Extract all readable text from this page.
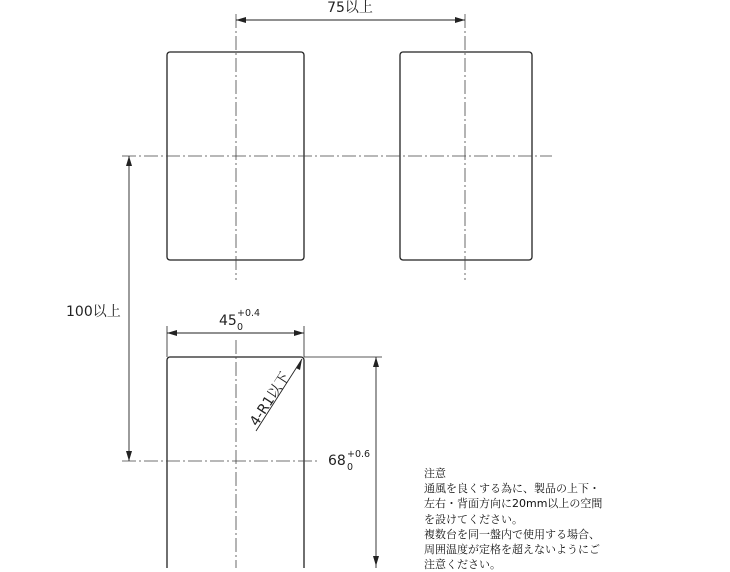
75以上
100以上
45 +0.4
0
68 +0.6
0
4-R1以下
注意
通風を良くする為に、製品の上下・
左右・背面方向に20mm以上の空間
を設けてください。
複数台を同一盤内で使用する場合、
周囲温度が定格を超えないようにご
注意ください。
